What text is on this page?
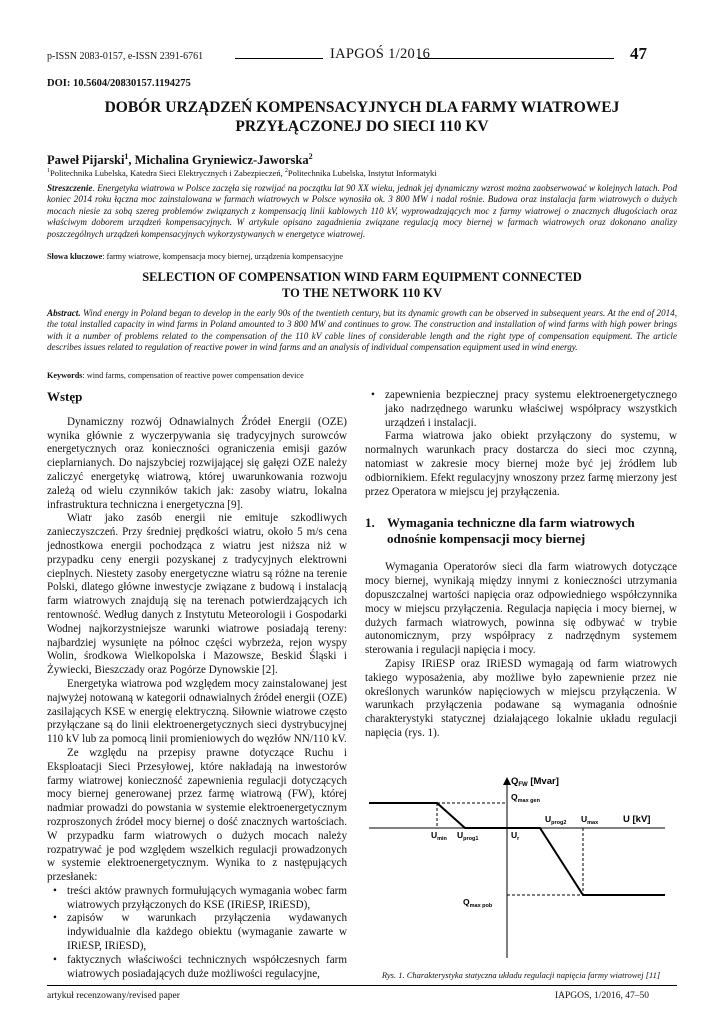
p-ISSN 2083-0157, e-ISSN 2391-6761	IAPGOŚ 1/2016	47
DOI: 10.5604/20830157.1194275
DOBÓR URZĄDZEŃ KOMPENSACYJNYCH DLA FARMY WIATROWEJ
PRZYŁĄCZONEJ DO SIECI 110 KV
Paweł Pijarski$^1$, Michalina Gryniewicz-Jaworska$^2$
$^1$Politechnika Lubelska, Katedra Sieci Elektrycznych i Zabezpieczeń, $^2$Politechnika Lubelska, Instytut Informatyki
Streszczenie. Energetyka wiatrowa w Polsce zaczęła się rozwijać na początku lat 90 XX wieku, jednak jej dynamiczny wzrost można zaobserwować w kolejnych latach. Pod koniec 2014 roku łączna moc zainstalowana w farmach wiatrowych w Polsce wynosiła ok. 3 800 MW i nadal rośnie. Budowa oraz instalacja farm wiatrowych o dużych mocach niesie za sobą szereg problemów związanych z kompensacją linii kablowych 110 kV, wyprowadzających moc z farmy wiatrowej o znacznych długościach oraz właściwym doborem urządzeń kompensacyjnych. W artykule opisano zagadnienia związane regulacją mocy biernej w farmach wiatrowych oraz dokonano analizy poszczególnych urządzeń kompensacyjnych wykorzystywanych w energetyce wiatrowej.
Słowa kluczowe: farmy wiatrowe, kompensacja mocy biernej, urządzenia kompensacyjne
SELECTION OF COMPENSATION WIND FARM EQUIPMENT CONNECTED
TO THE NETWORK 110 KV
Abstract. Wind energy in Poland began to develop in the early 90s of the twentieth century, but its dynamic growth can be observed in subsequent years. At the end of 2014, the total installed capacity in wind farms in Poland amounted to 3 800 MW and continues to grow. The construction and installation of wind farms with high power brings with it a number of problems related to the compensation of the 110 kV cable lines of considerable length and the right type of compensation equipment. The article describes issues related to regulation of reactive power in wind farms and an analysis of individual compensation equipment used in wind energy.
Keywords: wind farms, compensation of reactive power compensation device
Wstęp

Dynamiczny rozwój Odnawialnych Źródeł Energii (OZE) wynika głównie z wyczerpywania się tradycyjnych surowców energetycznych oraz konieczności ograniczenia emisji gazów cieplarnianych. Do najszybciej rozwijającej się gałęzi OZE należy zaliczyć energetykę wiatrową, której uwarunkowania rozwoju zależą od wielu czynników takich jak: zasoby wiatru, lokalna infrastruktura techniczna i energetyczna [9].

Wiatr jako zasób energii nie emituje szkodliwych zanieczyszczeń. Przy średniej prędkości wiatru, około 5 m/s cena jednostkowa energii pochodząca z wiatru jest niższa niż w przypadku ceny energii pozyskanej z tradycyjnych elektrowni cieplnych. Niestety zasoby energetyczne wiatru są różne na terenie Polski, dlatego główne inwestycje związane z budową i instalacją farm wiatrowych znajdują się na terenach potwierdzających ich rentowność. Według danych z Instytutu Meteorologii i Gospodarki Wodnej najkorzystniejsze warunki wiatrowe posiadają tereny: najbardziej wysunięte na północ części wybrzeża, rejon wyspy Wolin, środkowa Wielkopolska i Mazowsze, Beskid Śląski i Żywiecki, Bieszczady oraz Pogórze Dynowskie [2].

Energetyka wiatrowa pod względem mocy zainstalowanej jest najwyżej notowaną w kategorii odnawialnych źródeł energii (OZE) zasilających KSE w energię elektryczną. Siłownie wiatrowe często przyłączane są do linii elektroenergetycznych sieci dystrybucyjnej 110 kV lub za pomocą linii promieniowych do węzłów NN/110 kV.

Ze względu na przepisy prawne dotyczące Ruchu i Eksploatacji Sieci Przesyłowej, które nakładają na inwestorów farmy wiatrowej konieczność zapewnienia regulacji dotyczących mocy biernej generowanej przez farmę wiatrową (FW), której nadmiar prowadzi do powstania w systemie elektroenergetycznym rozproszonych źródeł mocy biernej o dość znacznych wartościach. W przypadku farm wiatrowych o dużych mocach należy rozpatrywać je pod względem wszelkich regulacji prowadzonych w systemie elektroenergetycznym. Wynika to z następujących przesłanek:

• treści aktów prawnych formułujących wymagania wobec farm wiatrowych przyłączonych do KSE (IRiESP, IRiESD),
• zapisów w warunkach przyłączenia wydawanych indywidualnie dla każdego obiektu (wymaganie zawarte w IRiESP, IRiESD),
• faktycznych właściwości technicznych współczesnych farm wiatrowych posiadających duże możliwości regulacyjne,
• zapewnienia bezpiecznej pracy systemu elektroenergetycznego jako nadrzędnego warunku właściwej współpracy wszystkich urządzeń i instalacji.

Farma wiatrowa jako obiekt przyłączony do systemu, w normalnych warunkach pracy dostarcza do sieci moc czynną, natomiast w zakresie mocy biernej może być jej źródłem lub odbiornikiem. Efekt regulacyjny wnoszony przez farmę mierzony jest przez Operatora w miejscu jej przyłączenia.

1. Wymagania techniczne dla farm wiatrowych
odnośnie kompensacji mocy biernej

Wymagania Operatorów sieci dla farm wiatrowych dotyczące mocy biernej, wynikają między innymi z konieczności utrzymania dopuszczalnej wartości napięcia oraz odpowiedniego współczynnika mocy w miejscu przyłączenia. Regulacja napięcia i mocy biernej, w dużych farmach wiatrowych, powinna się odbywać w trybie autonomicznym, przy współpracy z nadrzędnym systemem sterowania i regulacji napięcia i mocy.

Zapisy IRiESP oraz IRiESD wymagają od farm wiatrowych takiego wyposażenia, aby możliwe było zapewnienie przez nie określonych warunków napięciowych w miejscu przyłączenia. W warunkach przyłączenia podawane są wymagania odnośnie charakterystyki statycznej działającego lokalnie układu regulacji napięcia (rys. 1).

$Q_{FW}$ [Mvar]
$Q_{max gen}$
$Q_{max pob}$
$U_{min}$ $U_{prog1}$	$U_r$
$U_{prog2}$ $U_{max}$	U [kV]
Rys. 1. Charakterystyka statyczna układu regulacji napięcia farmy wiatrowej [11]
artykuł recenzowany/revised paper	IAPGOS, 1/2016, 47–50
